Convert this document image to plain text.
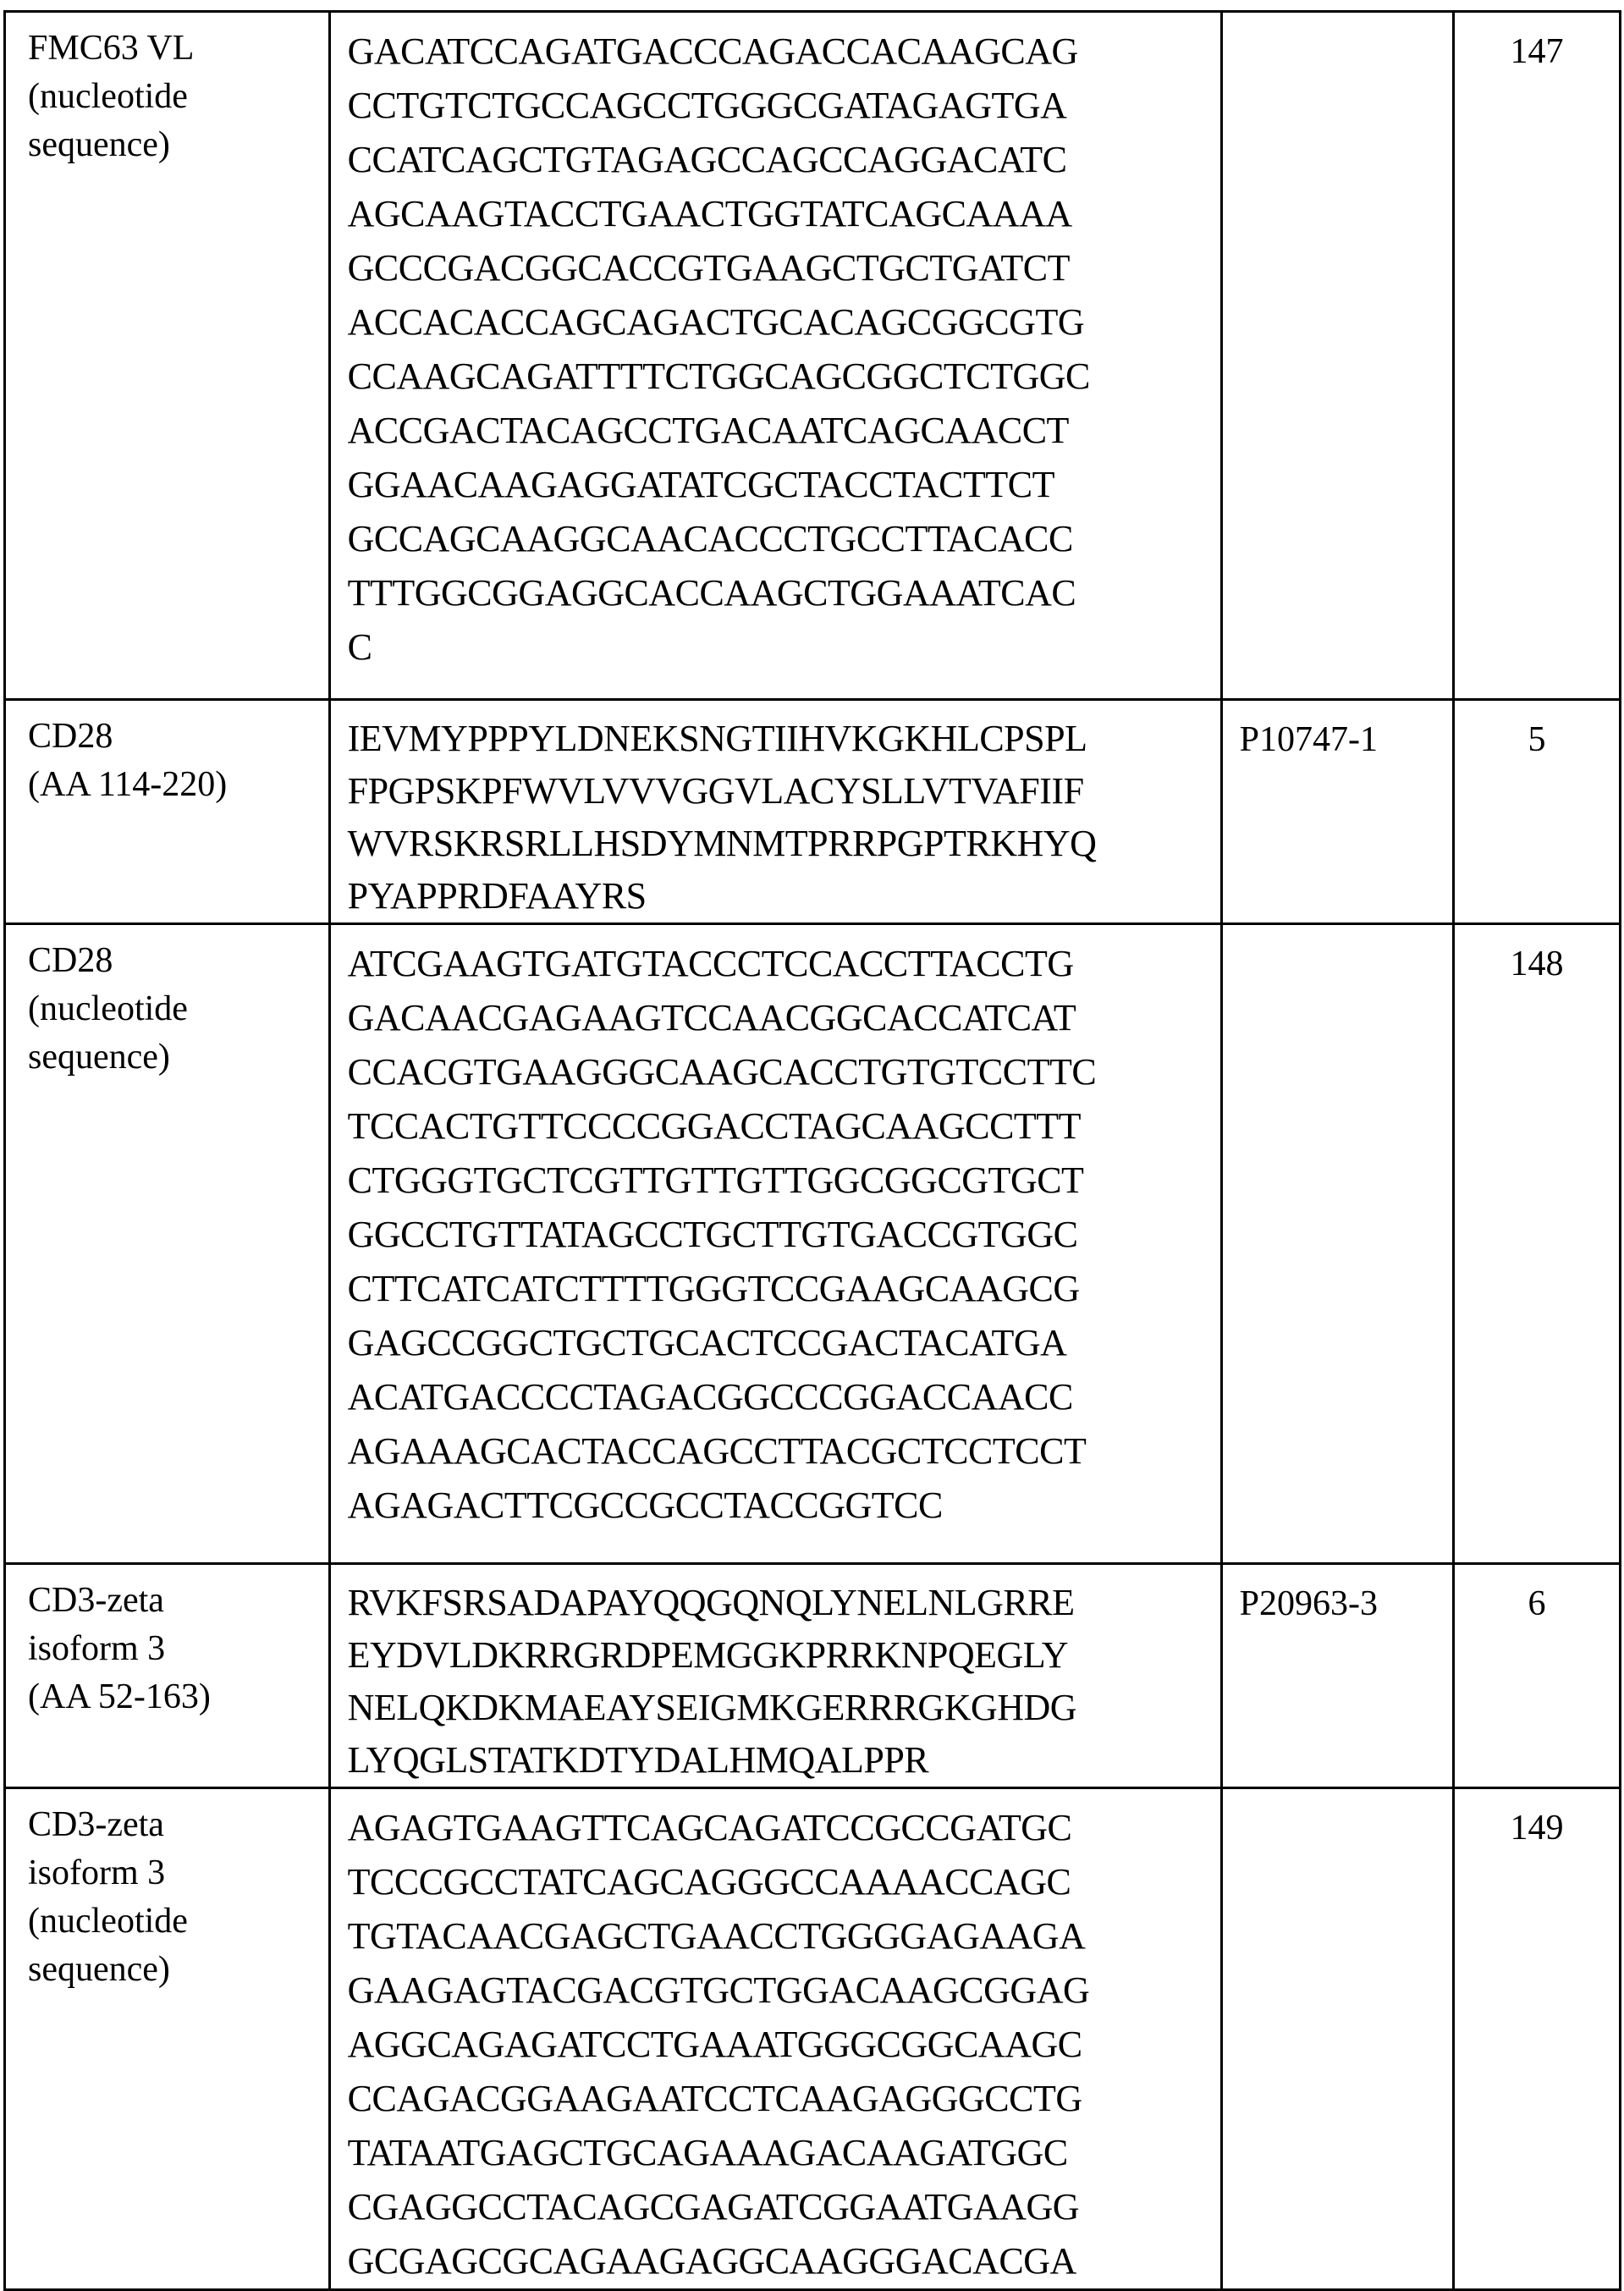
FMC63 VL
(nucleotide
sequence)

GACATCCAGATGACCCAGACCACAAGCAG
CCTGTCTGCCAGCCTGGGCGATAGAGTGA
CCATCAGCTGTAGAGCCAGCCAGGACATC
AGCAAGTACCTGAACTGGTATCAGCAAAA
GCCCGACGGCACCGTGAAGCTGCTGATCT
ACCACACCAGCAGACTGCACAGCGGCGTG
CCAAGCAGATTTTCTGGCAGCGGCTCTGGC
ACCGACTACAGCCTGACAATCAGCAACCT
GGAACAAGAGGATATCGCTACCTACTTCT
GCCAGCAAGGCAACACCCTGCCTTACACC
TTTGGCGGAGGCACCAAGCTGGAAATCAC
C
		147

CD28
(AA 114-220)

IEVMYPPPYLDNEKSNGTIIHVKGKHLCPSPL
FPGPSKPFWVLVVVGGVLACYSLLVTVAFIIF
WVRSKRSRLLHSDYMNMTPRRPGPTRKHYQ
PYAPPRDFAAYRS
	P10747-1	5

CD28
(nucleotide
sequence)

ATCGAAGTGATGTACCCTCCACCTTACCTG
GACAACGAGAAGTCCAACGGCACCATCAT
CCACGTGAAGGGCAAGCACCTGTGTCCTTC
TCCACTGTTCCCCGGACCTAGCAAGCCTTT
CTGGGTGCTCGTTGTTGTTGGCGGCGTGCT
GGCCTGTTATAGCCTGCTTGTGACCGTGGC
CTTCATCATCTTTTGGGTCCGAAGCAAGCG
GAGCCGGCTGCTGCACTCCGACTACATGA
ACATGACCCCTAGACGGCCCGGACCAACC
AGAAAGCACTACCAGCCTTACGCTCCTCCT
AGAGACTTCGCCGCCTACCGGTCC
		148

CD3-zeta
isoform 3
(AA 52-163)

RVKFSRSADAPAYQQGQNQLYNELNLGRRE
EYDVLDKRRGRDPEMGGKPRRKNPQEGLY
NELQKDKMAEAYSEIGMKGERRRGKGHDG
LYQGLSTATKDTYDALHMQALPPR
	P20963-3	6

CD3-zeta
isoform 3
(nucleotide
sequence)

AGAGTGAAGTTCAGCAGATCCGCCGATGC
TCCCGCCTATCAGCAGGGCCAAAACCAGC
TGTACAACGAGCTGAACCTGGGGAGAAGA
GAAGAGTACGACGTGCTGGACAAGCGGAG
AGGCAGAGATCCTGAAATGGGCGGCAAGC
CCAGACGGAAGAATCCTCAAGAGGGCCTG
TATAATGAGCTGCAGAAAGACAAGATGGC
CGAGGCCTACAGCGAGATCGGAATGAAGG
GCGAGCGCAGAAGAGGCAAGGGACACGA
		149
